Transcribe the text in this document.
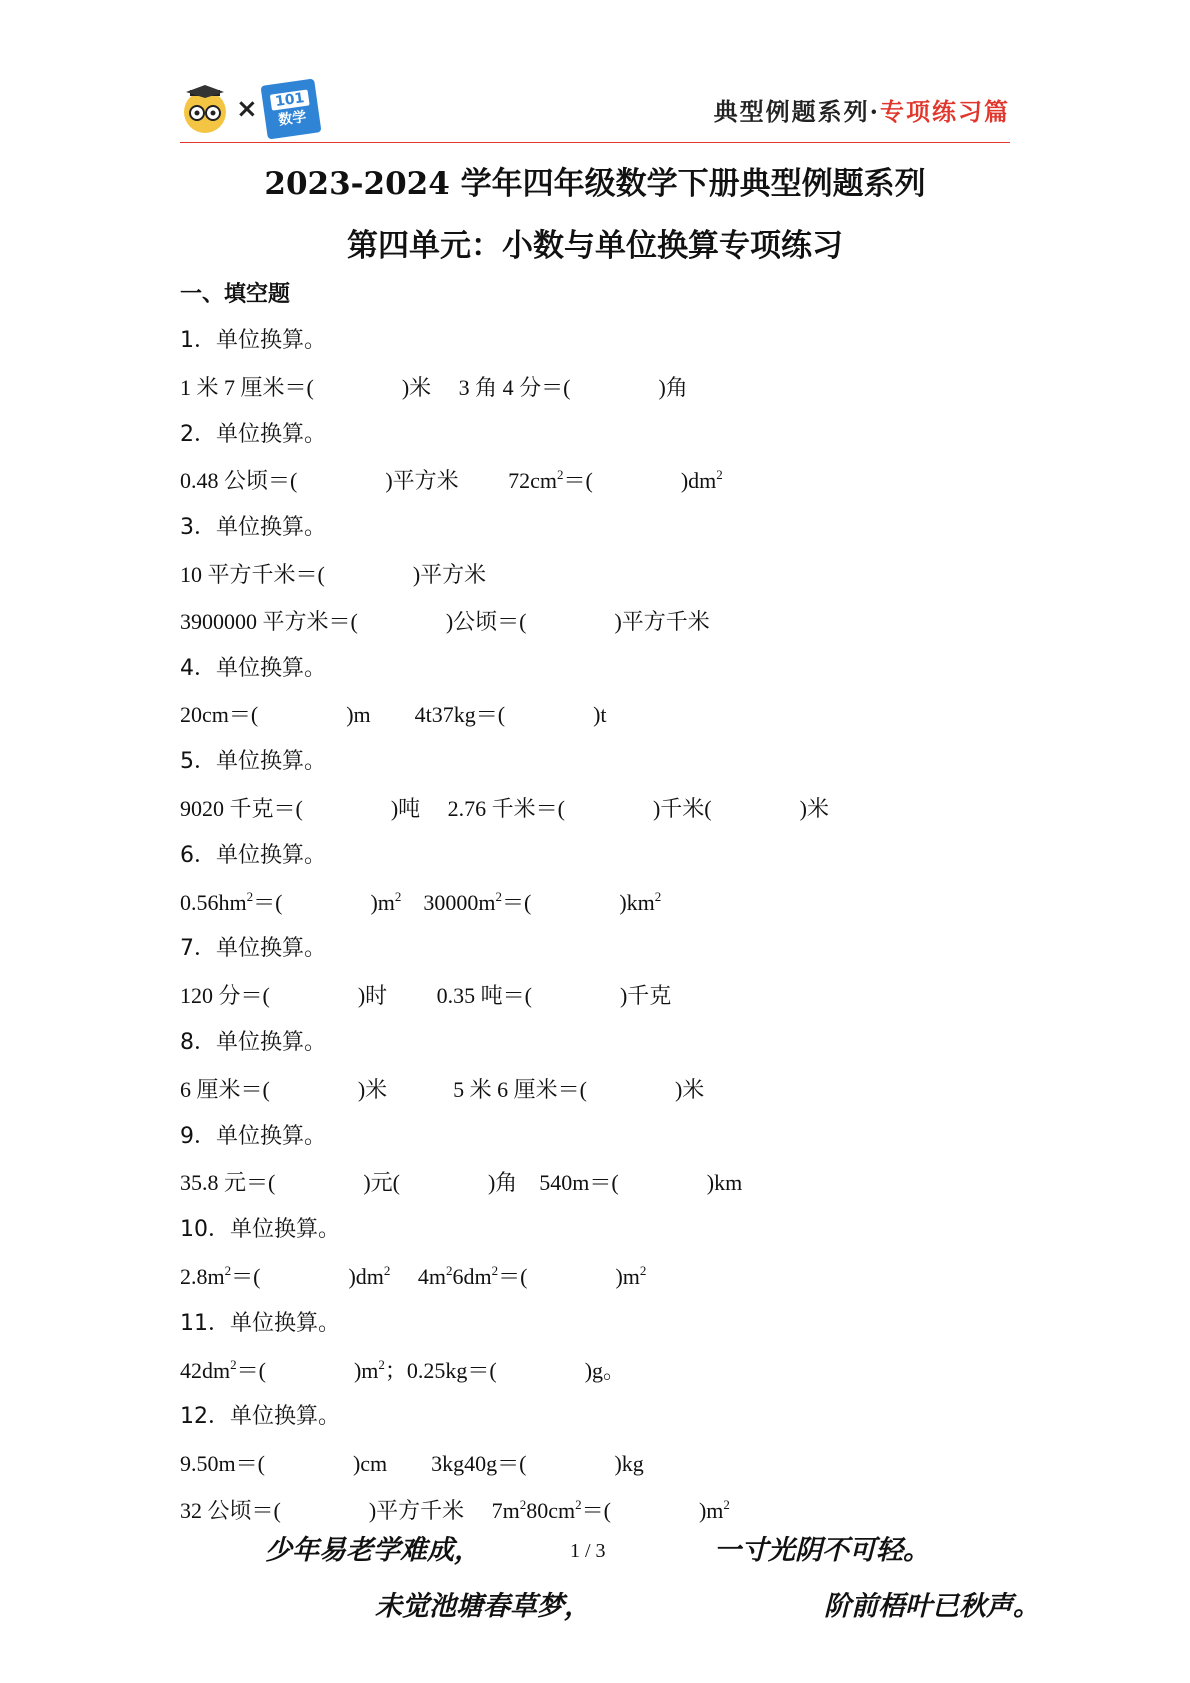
× 101
数学	典型例题系列·专项练习篇
2023-2024 学年四年级数学下册典型例题系列
第四单元：小数与单位换算专项练习
一、填空题
1．单位换算。
1 米 7 厘米＝(　　　　)米　 3 角 4 分＝(　　　　)角
2．单位换算。
0.48 公顷＝(　　　　)平方米　　 $72cm^2=$(　　　　)$dm^2$
3．单位换算。
10 平方千米＝(　　　　)平方米
3900000 平方米＝(　　　　)公顷＝(　　　　)平方千米
4．单位换算。
20cm＝(　　　　)m　　4t37kg＝(　　　　)t
5．单位换算。
9020 千克＝(　　　　)吨　 2.76 千米＝(　　　　)千米(　　　　)米
6．单位换算。
$0.56hm^2=$(　　　　)$m^2$　$30000m^2=$(　　　　)$km^2$
7．单位换算。
120 分＝(　　　　)时　　 0.35 吨＝(　　　　)千克
8．单位换算。
6 厘米＝(　　　　)米　　　5 米 6 厘米＝(　　　　)米
9．单位换算。
35.8 元＝(　　　　)元(　　　　)角　540m＝(　　　　)km
10．单位换算。
$2.8m^2=$(　　　　)$dm^2$　 $4m^26dm^2=$(　　　　)$m^2$
11．单位换算。
$42dm^2=$(　　　　)$m^2$；0.25kg＝(　　　　)g。
12．单位换算。
9.50m＝(　　　　)cm　　3kg40g＝(　　　　)kg
32 公顷＝(　　　　)平方千米　 $7m^280cm^2=$(　　　　)$m^2$
少年易老学难成，	一寸光阴不可轻。
未觉池塘春草梦，	阶前梧叶已秋声。
1 / 3
